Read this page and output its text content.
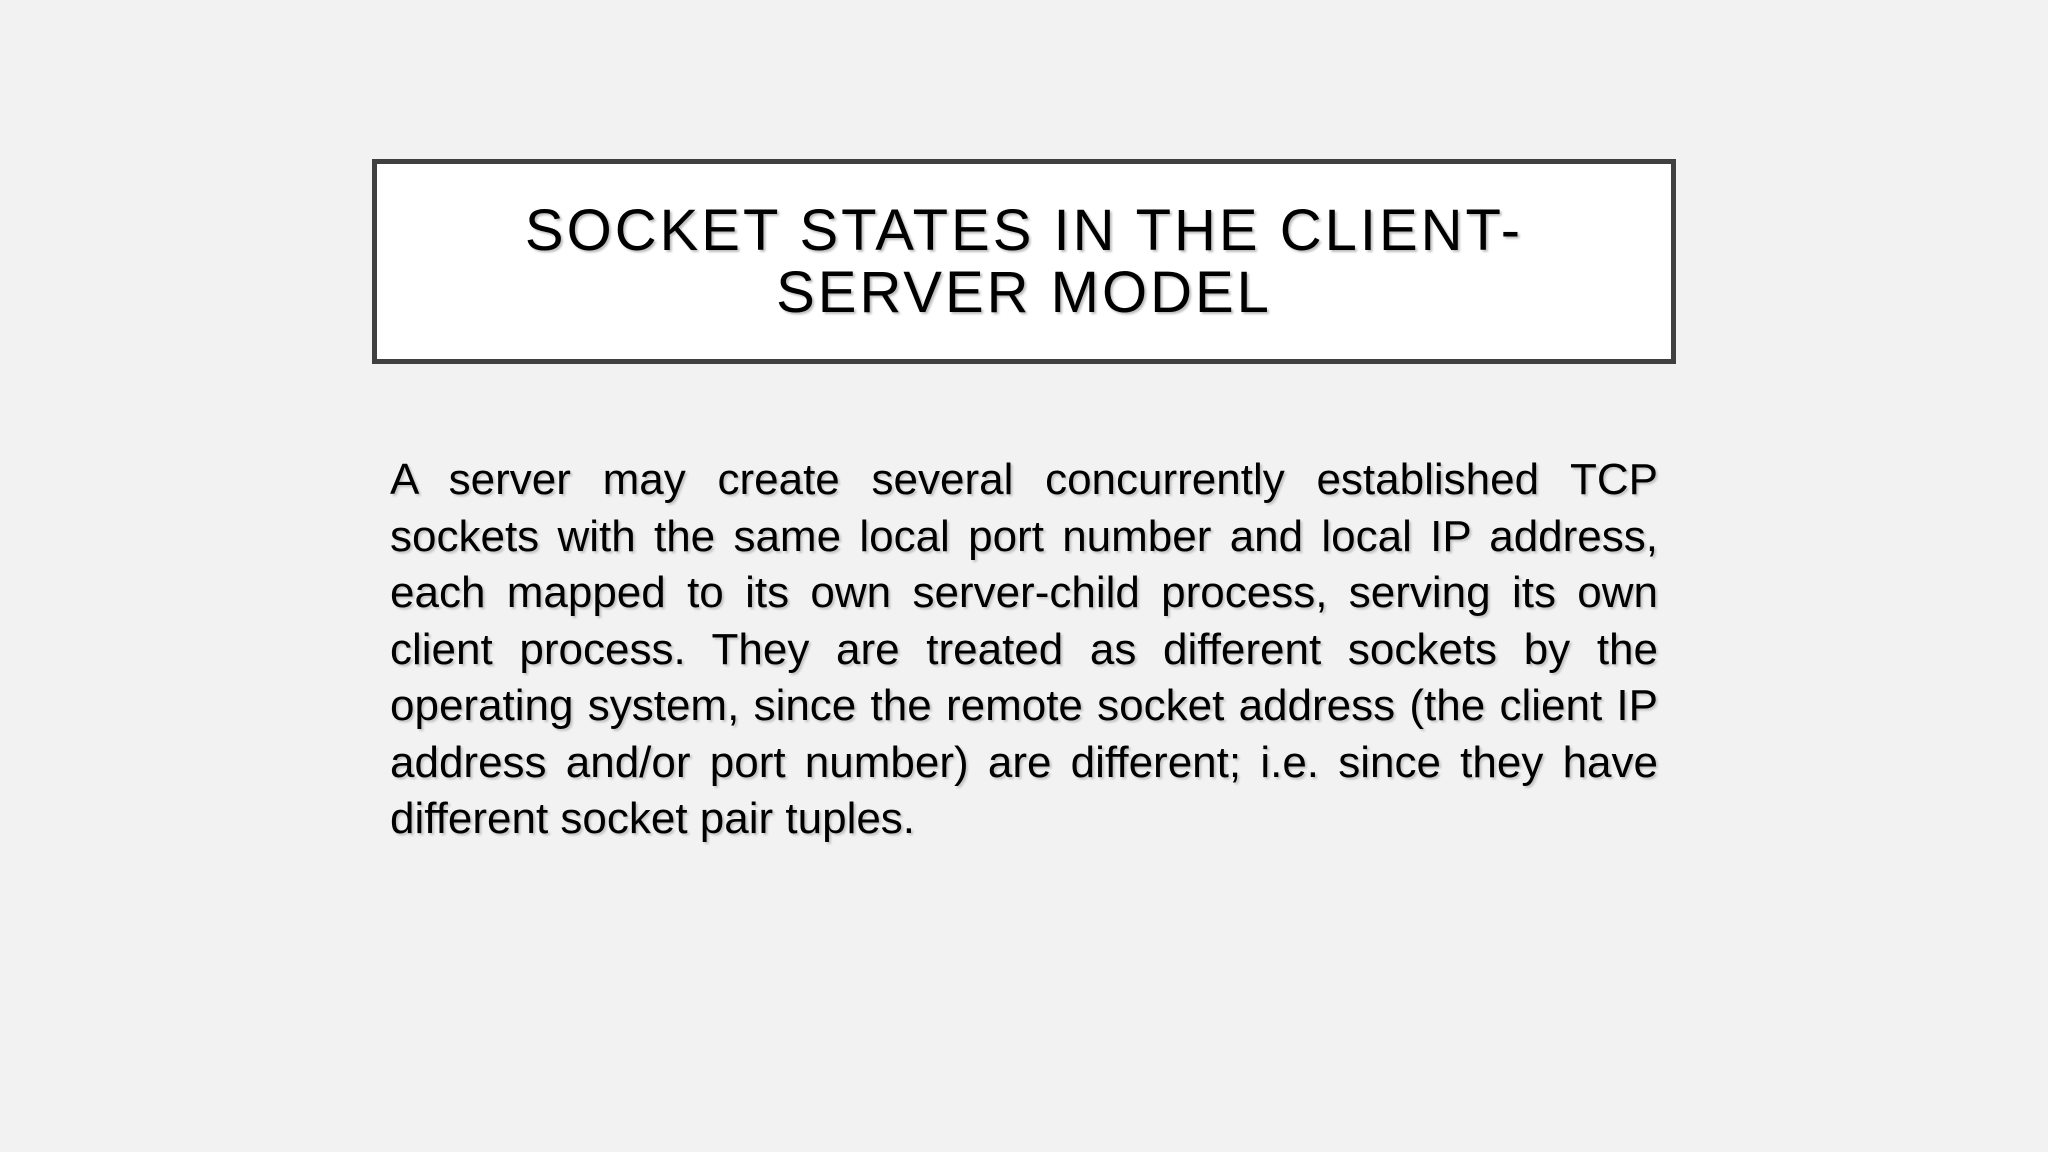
SOCKET STATES IN THE CLIENT-SERVER MODEL

A server may create several concurrently established TCP sockets with the same local port number and local IP address, each mapped to its own server-child process, serving its own client process. They are treated as different sockets by the operating system, since the remote socket address (the client IP address and/or port number) are different; i.e. since they have different socket pair tuples.
